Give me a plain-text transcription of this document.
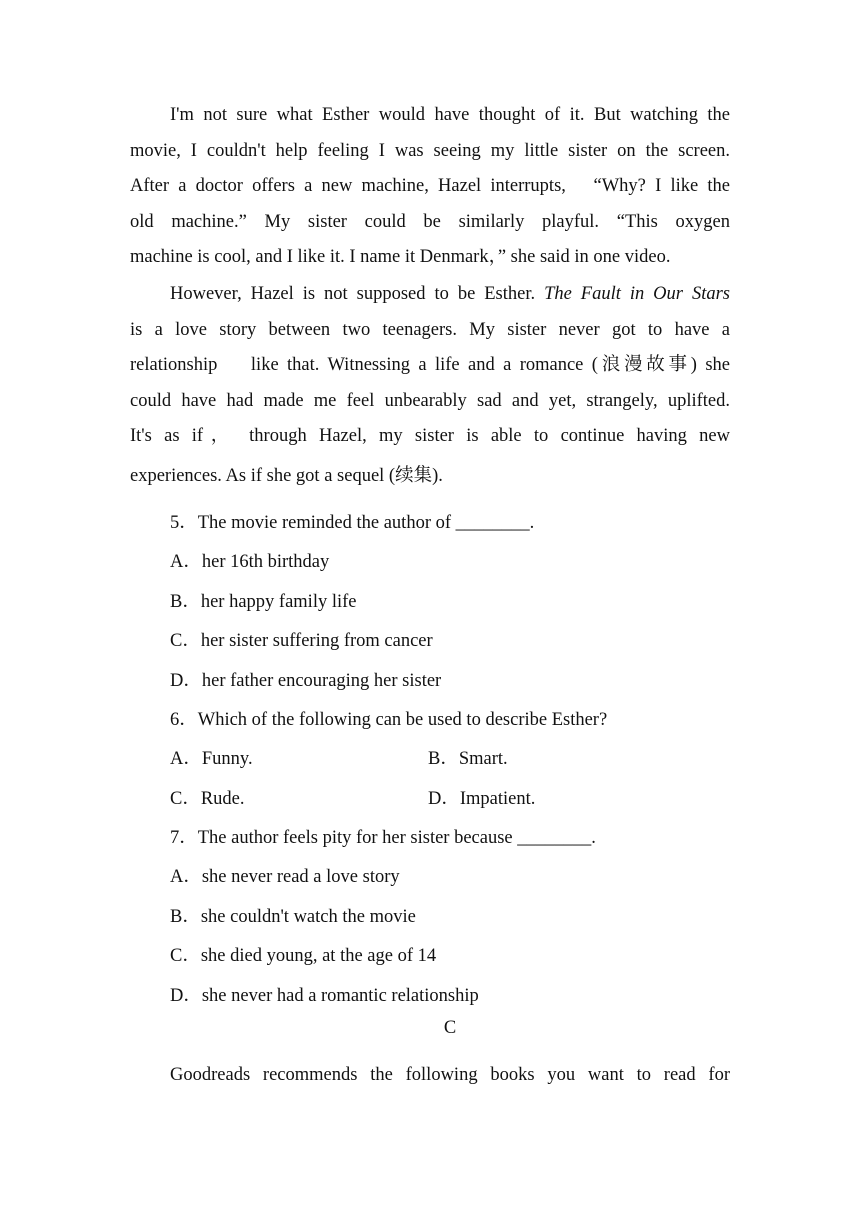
I'm not sure what Esther would have thought of it. But watching the
movie, I couldn't help feeling I was seeing my little sister on the screen.
After a doctor offers a new machine, Hazel interrupts,   “Why? I like the
old machine.” My sister could be similarly playful. “This oxygen
machine is cool, and I like it. I name it Denmark，” she said in one video.
However, Hazel is not supposed to be Esther. The Fault in Our Stars
is a love story between two teenagers. My sister never got to have a
relationship    like that. Witnessing a life and a romance (浪漫故事) she
could have had made me feel unbearably sad and yet, strangely, uplifted.
It's as if， through Hazel, my sister is able to continue having new
experiences. As if she got a sequel (续集).

5．The movie reminded the author of ________.

A．her 16th birthday

B．her happy family life

C．her sister suffering from cancer

D．her father encouraging her sister

6．Which of the following can be used to describe Esther?

A．Funny.	B．Smart.

C．Rude.	D．Impatient.

7．The author feels pity for her sister because ________.

A．she never read a love story

B．she couldn't watch the movie

C．she died young, at the age of 14

D．she never had a romantic relationship

C

Goodreads recommends the following books you want to read for
